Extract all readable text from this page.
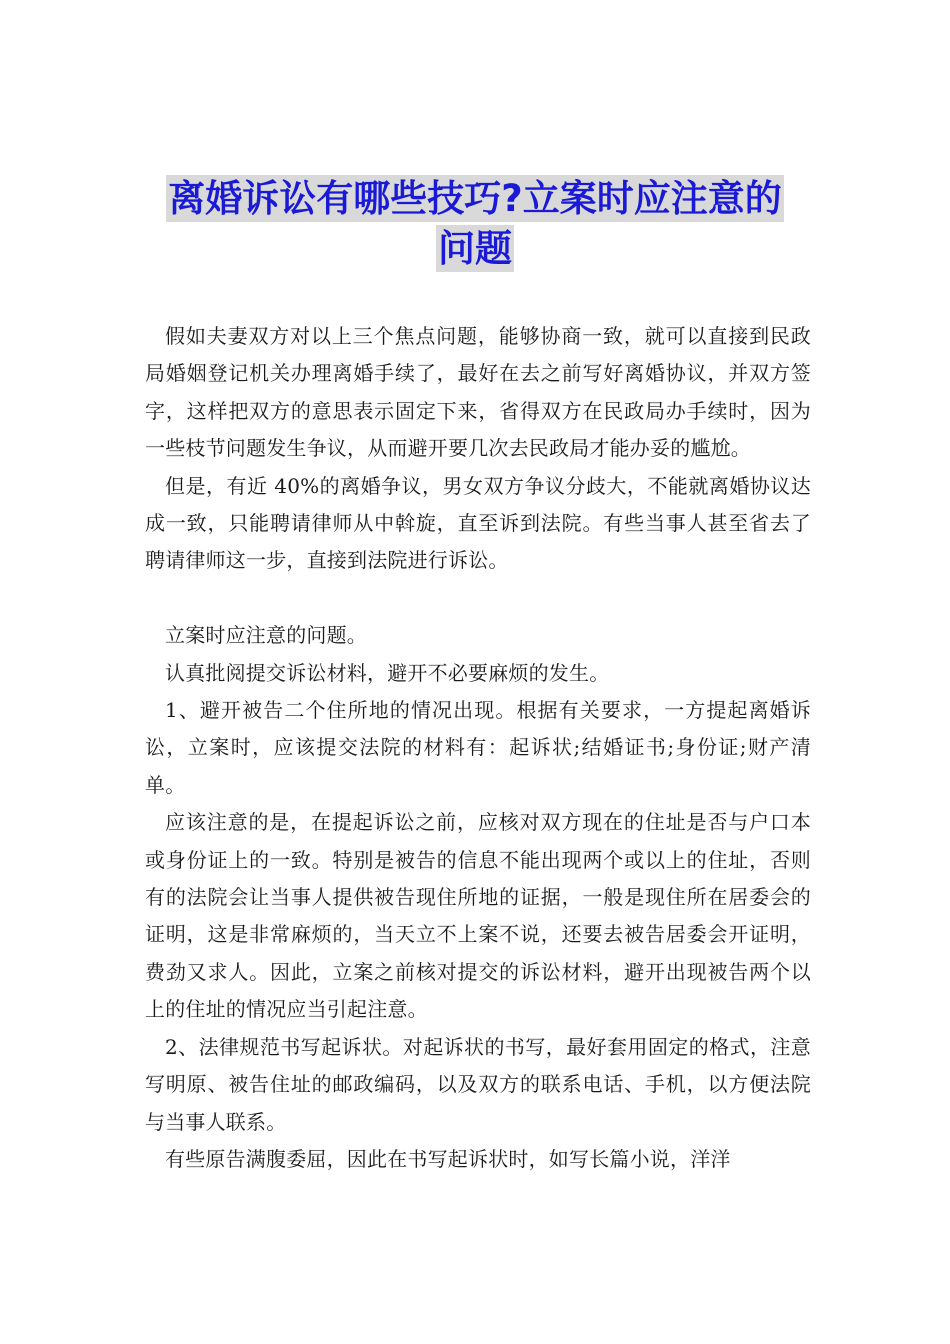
离婚诉讼有哪些技巧?立案时应注意的
问题

假如夫妻双方对以上三个焦点问题，能够协商一致，就可以直接到民政局婚姻登记机关办理离婚手续了，最好在去之前写好离婚协议，并双方签字，这样把双方的意思表示固定下来，省得双方在民政局办手续时，因为一些枝节问题发生争议，从而避开要几次去民政局才能办妥的尴尬。

但是，有近 40%的离婚争议，男女双方争议分歧大，不能就离婚协议达成一致，只能聘请律师从中斡旋，直至诉到法院。有些当事人甚至省去了聘请律师这一步，直接到法院进行诉讼。

立案时应注意的问题。

认真批阅提交诉讼材料，避开不必要麻烦的发生。

1、避开被告二个住所地的情况出现。根据有关要求，一方提起离婚诉讼，立案时，应该提交法院的材料有：起诉状;结婚证书;身份证;财产清单。

应该注意的是，在提起诉讼之前，应核对双方现在的住址是否与户口本或身份证上的一致。特别是被告的信息不能出现两个或以上的住址，否则有的法院会让当事人提供被告现住所地的证据，一般是现住所在居委会的证明，这是非常麻烦的，当天立不上案不说，还要去被告居委会开证明，费劲又求人。因此，立案之前核对提交的诉讼材料，避开出现被告两个以上的住址的情况应当引起注意。

2、法律规范书写起诉状。对起诉状的书写，最好套用固定的格式，注意写明原、被告住址的邮政编码，以及双方的联系电话、手机，以方便法院与当事人联系。

有些原告满腹委屈，因此在书写起诉状时，如写长篇小说，洋洋
